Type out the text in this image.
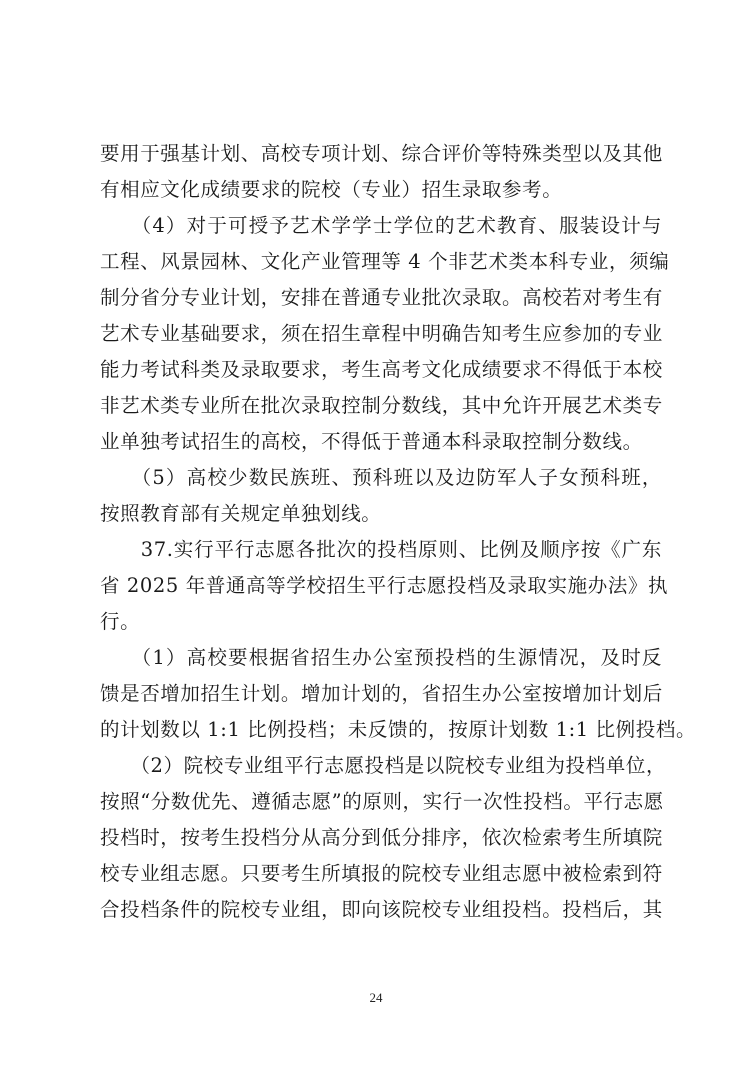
要用于强基计划、高校专项计划、综合评价等特殊类型以及其他
有相应文化成绩要求的院校（专业）招生录取参考。
　　（4）对于可授予艺术学学士学位的艺术教育、服装设计与
工程、风景园林、文化产业管理等 4 个非艺术类本科专业，须编
制分省分专业计划，安排在普通专业批次录取。高校若对考生有
艺术专业基础要求，须在招生章程中明确告知考生应参加的专业
能力考试科类及录取要求，考生高考文化成绩要求不得低于本校
非艺术类专业所在批次录取控制分数线，其中允许开展艺术类专
业单独考试招生的高校，不得低于普通本科录取控制分数线。
　　（5）高校少数民族班、预科班以及边防军人子女预科班，
按照教育部有关规定单独划线。
　　37.实行平行志愿各批次的投档原则、比例及顺序按《广东
省 2025 年普通高等学校招生平行志愿投档及录取实施办法》执
行。
　　（1）高校要根据省招生办公室预投档的生源情况，及时反
馈是否增加招生计划。增加计划的，省招生办公室按增加计划后
的计划数以 1:1 比例投档；未反馈的，按原计划数 1:1 比例投档。
　　（2）院校专业组平行志愿投档是以院校专业组为投档单位，
按照“分数优先、遵循志愿”的原则，实行一次性投档。平行志愿
投档时，按考生投档分从高分到低分排序，依次检索考生所填院
校专业组志愿。只要考生所填报的院校专业组志愿中被检索到符
合投档条件的院校专业组，即向该院校专业组投档。投档后，其
24
